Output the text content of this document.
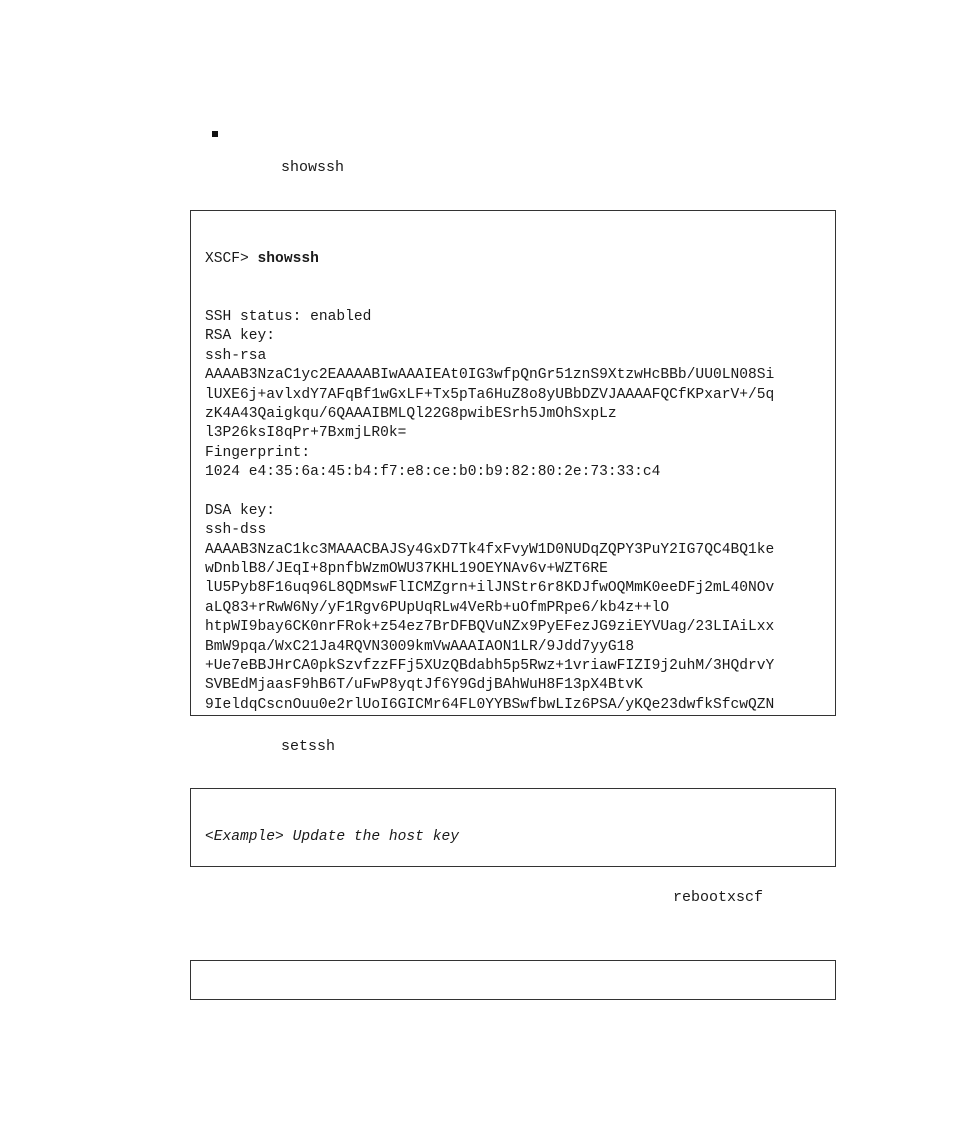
showssh

XSCF> showssh

SSH status: enabled
RSA key:
ssh-rsa
AAAAB3NzaC1yc2EAAAABIwAAAIEAt0IG3wfpQnGr51znS9XtzwHcBBb/UU0LN08Si
lUXE6j+avlxdY7AFqBf1wGxLF+Tx5pTa6HuZ8o8yUBbDZVJAAAAFQCfKPxarV+/5q
zK4A43Qaigkqu/6QAAAIBMLQl22G8pwibESrh5JmOhSxpLz
l3P26ksI8qPr+7BxmjLR0k=
Fingerprint:
1024 e4:35:6a:45:b4:f7:e8:ce:b0:b9:82:80:2e:73:33:c4
DSA key:
ssh-dss
AAAAB3NzaC1kc3MAAACBAJSy4GxD7Tk4fxFvyW1D0NUDqZQPY3PuY2IG7QC4BQ1ke
wDnblB8/JEqI+8pnfbWzmOWU37KHL19OEYNAv6v+WZT6RE
lU5Pyb8F16uq96L8QDMswFlICMZgrn+ilJNStr6r8KDJfwOQMmK0eeDFj2mL40NOv
aLQ83+rRwW6Ny/yF1Rgv6PUpUqRLw4VeRb+uOfmPRpe6/kb4z++lO
htpWI9bay6CK0nrFRok+z54ez7BrDFBQVuNZx9PyEFezJG9ziEYVUag/23LIAiLxx
BmW9pqa/WxC21Ja4RQVN3009kmVwAAAIAON1LR/9Jdd7yyG18
+Ue7eBBJHrCA0pkSzvfzzFFj5XUzQBdabh5p5Rwz+1vriawFIZI9j2uhM/3HQdrvY
SVBEdMjaasF9hB6T/uFwP8yqtJf6Y9GdjBAhWuH8F13pX4BtvK
9IeldqCscnOuu0e2rlUoI6GICMr64FL0YYBSwfbwLIz6PSA/yKQe23dwfkSfcwQZN

setssh

<Example> Update the host key

rebootxscf
